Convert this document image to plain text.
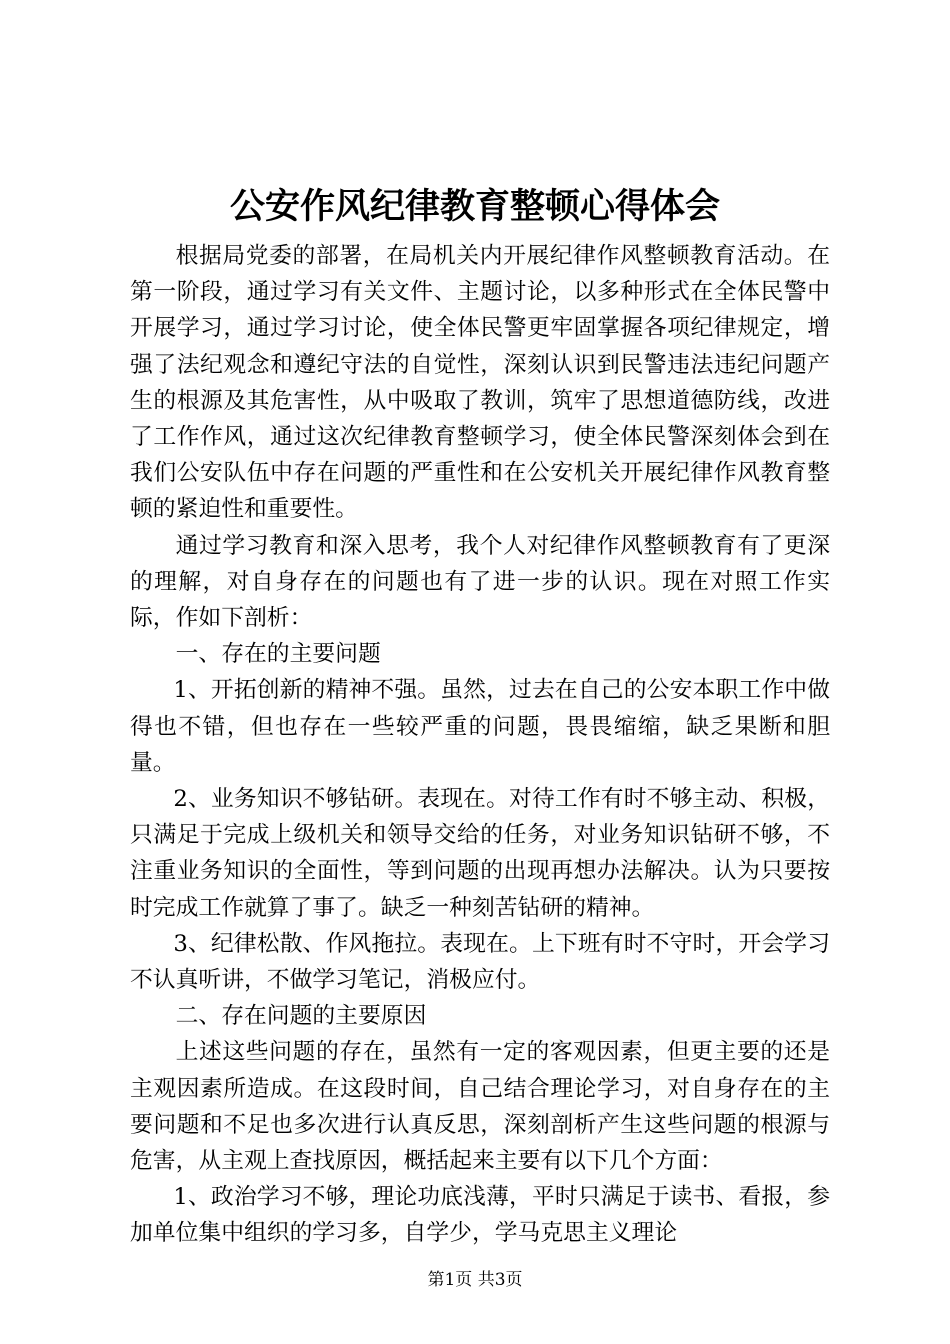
公安作风纪律教育整顿心得体会

根据局党委的部署，在局机关内开展纪律作风整顿教育活动。在第一阶段，通过学习有关文件、主题讨论，以多种形式在全体民警中开展学习，通过学习讨论，使全体民警更牢固掌握各项纪律规定，增强了法纪观念和遵纪守法的自觉性，深刻认识到民警违法违纪问题产生的根源及其危害性，从中吸取了教训，筑牢了思想道德防线，改进了工作作风，通过这次纪律教育整顿学习，使全体民警深刻体会到在我们公安队伍中存在问题的严重性和在公安机关开展纪律作风教育整顿的紧迫性和重要性。

通过学习教育和深入思考，我个人对纪律作风整顿教育有了更深的理解，对自身存在的问题也有了进一步的认识。现在对照工作实际，作如下剖析：

一、存在的主要问题

1、开拓创新的精神不强。虽然，过去在自己的公安本职工作中做得也不错，但也存在一些较严重的问题，畏畏缩缩，缺乏果断和胆量。

2、业务知识不够钻研。表现在。对待工作有时不够主动、积极，只满足于完成上级机关和领导交给的任务，对业务知识钻研不够，不注重业务知识的全面性，等到问题的出现再想办法解决。认为只要按时完成工作就算了事了。缺乏一种刻苦钻研的精神。

3、纪律松散、作风拖拉。表现在。上下班有时不守时，开会学习不认真听讲，不做学习笔记，消极应付。

二、存在问题的主要原因

上述这些问题的存在，虽然有一定的客观因素，但更主要的还是主观因素所造成。在这段时间，自己结合理论学习，对自身存在的主要问题和不足也多次进行认真反思，深刻剖析产生这些问题的根源与危害，从主观上查找原因，概括起来主要有以下几个方面：

1、政治学习不够，理论功底浅薄，平时只满足于读书、看报，参加单位集中组织的学习多，自学少，学马克思主义理论

第1页 共3页
